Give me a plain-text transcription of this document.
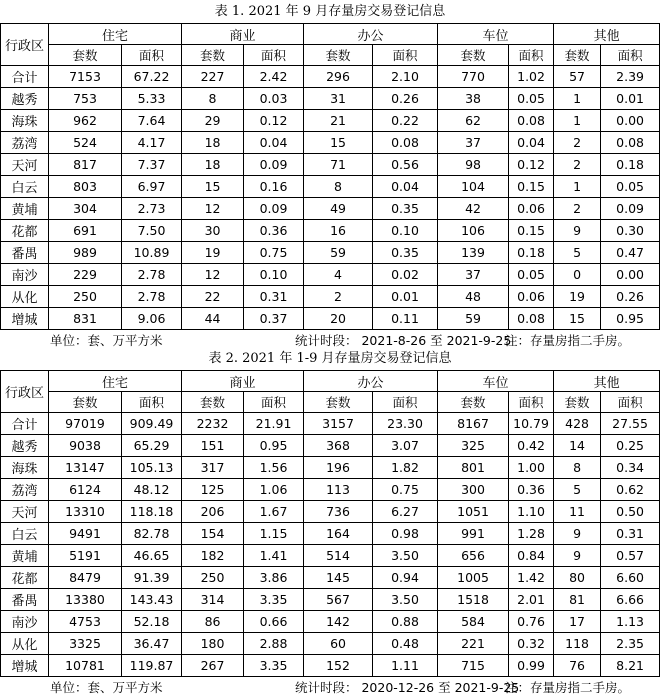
表 1. 2021 年 9 月存量房交易登记信息
行政区	住宅		商业		办公		车位		其他	
	套数	面积	套数	面积	套数	面积	套数	面积	套数	面积
合计	7153	67.22	227	2.42	296	2.10	770	1.02	57	2.39
越秀	753	5.33	8	0.03	31	0.26	38	0.05	1	0.01
海珠	962	7.64	29	0.12	21	0.22	62	0.08	1	0.00
荔湾	524	4.17	18	0.04	15	0.08	37	0.04	2	0.08
天河	817	7.37	18	0.09	71	0.56	98	0.12	2	0.18
白云	803	6.97	15	0.16	8	0.04	104	0.15	1	0.05
黄埔	304	2.73	12	0.09	49	0.35	42	0.06	2	0.09
花都	691	7.50	30	0.36	16	0.10	106	0.15	9	0.30
番禺	989	10.89	19	0.75	59	0.35	139	0.18	5	0.47
南沙	229	2.78	12	0.10	4	0.02	37	0.05	0	0.00
从化	250	2.78	22	0.31	2	0.01	48	0.06	19	0.26
增城	831	9.06	44	0.37	20	0.11	59	0.08	15	0.95
单位：套、万平方米	统计时段： 2021-8-26 至 2021-9-25
注：存量房指二手房。
表 2. 2021 年 1-9 月存量房交易登记信息
行政区	住宅		商业		办公		车位		其他	
	套数	面积	套数	面积	套数	面积	套数	面积	套数	面积
合计	97019	909.49	2232	21.91	3157	23.30	8167	10.79	428	27.55
越秀	9038	65.29	151	0.95	368	3.07	325	0.42	14	0.25
海珠	13147	105.13	317	1.56	196	1.82	801	1.00	8	0.34
荔湾	6124	48.12	125	1.06	113	0.75	300	0.36	5	0.62
天河	13310	118.18	206	1.67	736	6.27	1051	1.10	11	0.50
白云	9491	82.78	154	1.15	164	0.98	991	1.28	9	0.31
黄埔	5191	46.65	182	1.41	514	3.50	656	0.84	9	0.57
花都	8479	91.39	250	3.86	145	0.94	1005	1.42	80	6.60
番禺	13380	143.43	314	3.35	567	3.50	1518	2.01	81	6.66
南沙	4753	52.18	86	0.66	142	0.88	584	0.76	17	1.13
从化	3325	36.47	180	2.88	60	0.48	221	0.32	118	2.35
增城	10781	119.87	267	3.35	152	1.11	715	0.99	76	8.21
单位：套、万平方米	统计时段： 2020-12-26 至 2021-9-25
注：存量房指二手房。
